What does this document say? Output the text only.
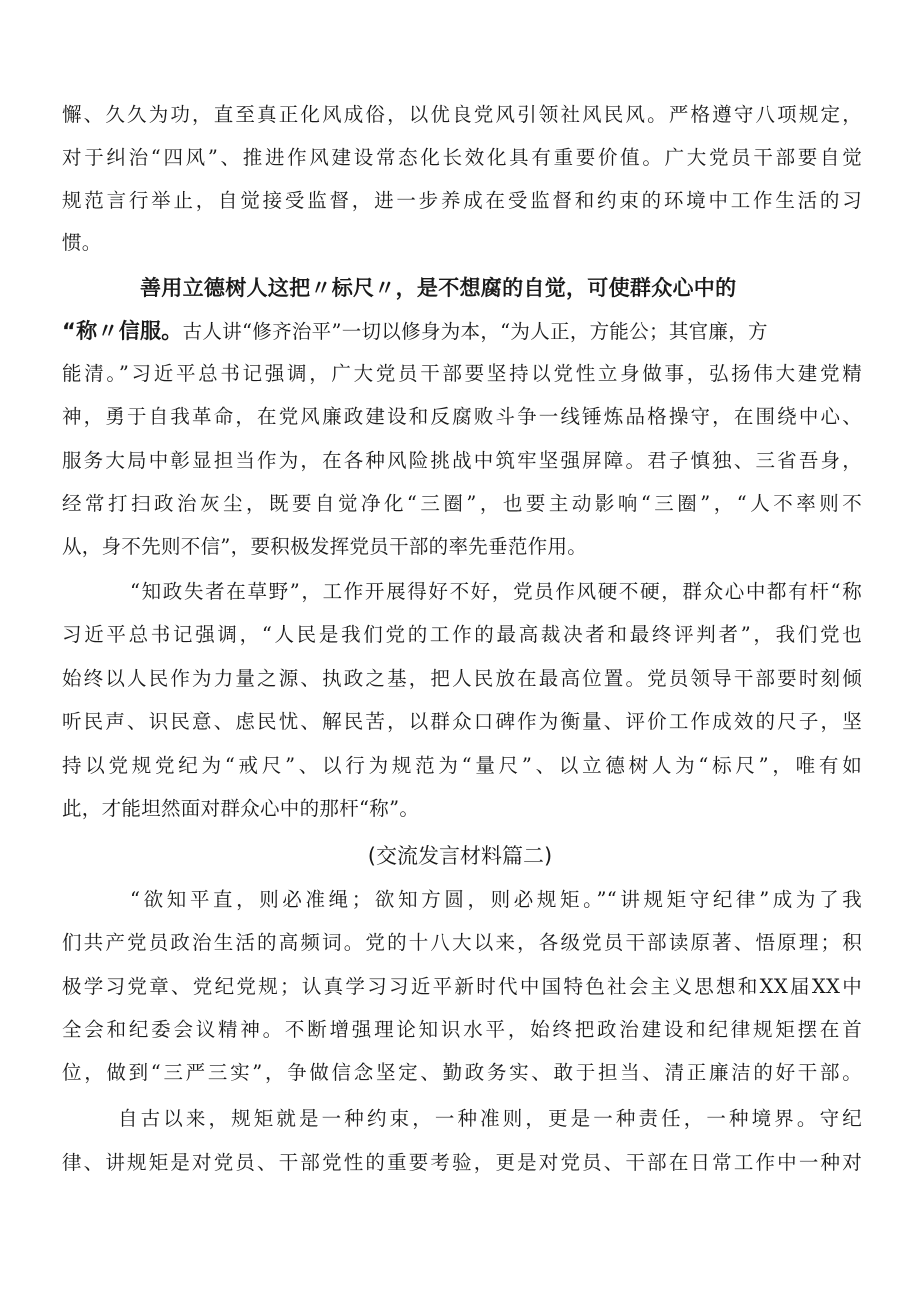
懈、久久为功，直至真正化风成俗，以优良党风引领社风民风。严格遵守八项规定，
对于纠治“四风”、推进作风建设常态化长效化具有重要价值。广大党员干部要自觉
规范言行举止，自觉接受监督，进一步养成在受监督和约束的环境中工作生活的习
惯。
善用立德树人这把〃标尺〃，是不想腐的自觉，可使群众心中的
“称〃信服。古人讲“修齐治平”一切以修身为本，“为人正，方能公；其官廉，方
能清。”习近平总书记强调，广大党员干部要坚持以党性立身做事，弘扬伟大建党精
神，勇于自我革命，在党风廉政建设和反腐败斗争一线锤炼品格操守，在围绕中心、
服务大局中彰显担当作为，在各种风险挑战中筑牢坚强屏障。君子慎独、三省吾身，
经常打扫政治灰尘，既要自觉净化“三圈”，也要主动影响“三圈”，“人不率则不
从，身不先则不信”，要积极发挥党员干部的率先垂范作用。
“知政失者在草野”，工作开展得好不好，党员作风硬不硬，群众心中都有杆“称
习近平总书记强调，“人民是我们党的工作的最高裁决者和最终评判者”，我们党也
始终以人民作为力量之源、执政之基，把人民放在最高位置。党员领导干部要时刻倾
听民声、识民意、虑民忧、解民苦，以群众口碑作为衡量、评价工作成效的尺子，坚
持以党规党纪为“戒尺”、以行为规范为“量尺”、以立德树人为“标尺”，唯有如
此，才能坦然面对群众心中的那杆“称”。
(交流发言材料篇二)
“欲知平直，则必准绳；欲知方圆，则必规矩。”“讲规矩守纪律”成为了我
们共产党员政治生活的高频词。党的十八大以来，各级党员干部读原著、悟原理；积
极学习党章、党纪党规；认真学习习近平新时代中国特色社会主义思想和XX届XX中
全会和纪委会议精神。不断增强理论知识水平，始终把政治建设和纪律规矩摆在首
位，做到“三严三实”，争做信念坚定、勤政务实、敢于担当、清正廉洁的好干部。
自古以来，规矩就是一种约束，一种准则，更是一种责任，一种境界。守纪
律、讲规矩是对党员、干部党性的重要考验，更是对党员、干部在日常工作中一种对
